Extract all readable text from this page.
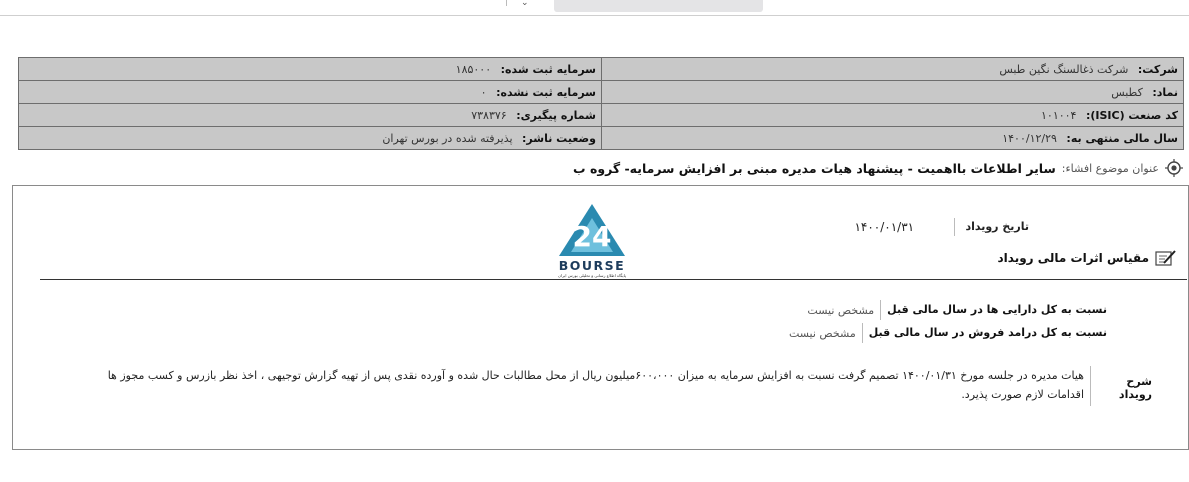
⌄
شرکت: شرکت ذغالسنگ نگین طبس	سرمایه ثبت شده: ۱۸۵۰۰۰
نماد: کطبس	سرمایه ثبت نشده: ۰
کد صنعت (ISIC): ۱۰۱۰۰۴	شماره پیگیری: ۷۳۸۳۷۶
سال مالی منتهی به: ۱۴۰۰/۱۲/۲۹	وضعیت ناشر: پذیرفته شده در بورس تهران
عنوان موضوع افشاء:
سایر اطلاعات بااهمیت - پیشنهاد هیات مدیره مبنی بر افزایش سرمایه- گروه ب
24
BOURSE
پایگاه اطلاع رسانی و تحلیلی بورس ایران
تاریخ رویداد
۱۴۰۰/۰۱/۳۱
مقیاس اثرات مالی رویداد
نسبت به کل دارایی ها در سال مالی قبل
مشخص نیست
نسبت به کل درامد فروش در سال مالی قبل
مشخص نیست
شرح رویداد
هیات مدیره در جلسه مورخ ۱۴۰۰/۰۱/۳۱ تصمیم گرفت نسبت به افزایش سرمایه به میزان ۶۰۰،۰۰۰میلیون ریال از محل مطالبات حال شده و آورده نقدی پس از تهیه گزارش توجیهی ، اخذ نظر بازرس و کسب مجوز ها اقدامات لازم صورت پذیرد.
